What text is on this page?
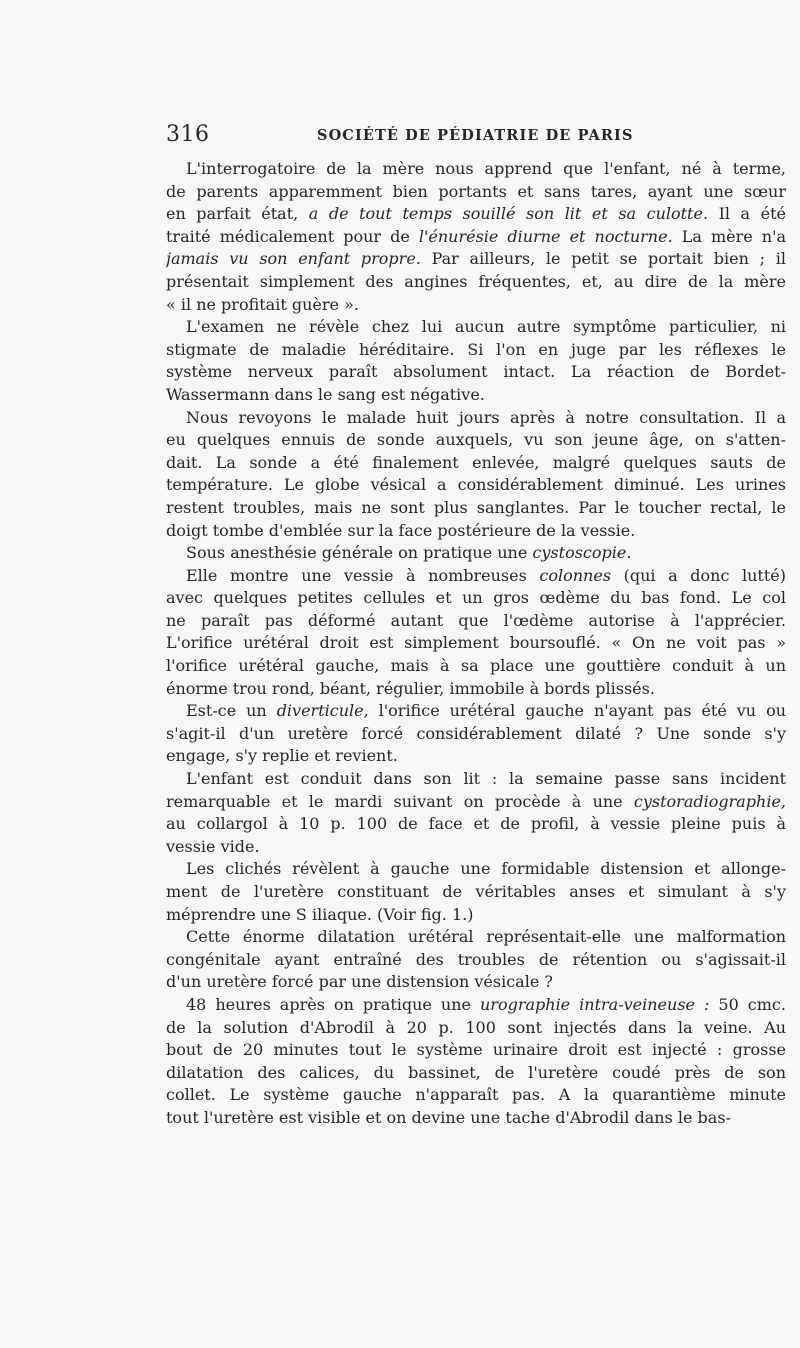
316	SOCIÉTÉ DE PÉDIATRIE DE PARIS
L'interrogatoire de la mère nous apprend que l'enfant, né à terme,
de parents apparemment bien portants et sans tares, ayant une sœur
en parfait état, a de tout temps souillé son lit et sa culotte. Il a été
traité médicalement pour de l'énurésie diurne et nocturne. La mère n'a
jamais vu son enfant propre. Par ailleurs, le petit se portait bien ; il
présentait simplement des angines fréquentes, et, au dire de la mère
« il ne profitait guère ».
L'examen ne révèle chez lui aucun autre symptôme particulier, ni
stigmate de maladie héréditaire. Si l'on en juge par les réflexes le
système nerveux paraît absolument intact. La réaction de Bordet-
Wassermann dans le sang est négative.
Nous revoyons le malade huit jours après à notre consultation. Il a
eu quelques ennuis de sonde auxquels, vu son jeune âge, on s'atten-
dait. La sonde a été finalement enlevée, malgré quelques sauts de
température. Le globe vésical a considérablement diminué. Les urines
restent troubles, mais ne sont plus sanglantes. Par le toucher rectal, le
doigt tombe d'emblée sur la face postérieure de la vessie.
Sous anesthésie générale on pratique une cystoscopie.
Elle montre une vessie à nombreuses colonnes (qui a donc lutté)
avec quelques petites cellules et un gros œdème du bas fond. Le col
ne paraît pas déformé autant que l'œdème autorise à l'apprécier.
L'orifice urétéral droit est simplement boursouflé. « On ne voit pas »
l'orifice urétéral gauche, mais à sa place une gouttière conduit à un
énorme trou rond, béant, régulier, immobile à bords plissés.
Est-ce un diverticule, l'orifice urétéral gauche n'ayant pas été vu ou
s'agit-il d'un uretère forcé considérablement dilaté ? Une sonde s'y
engage, s'y replie et revient.
L'enfant est conduit dans son lit : la semaine passe sans incident
remarquable et le mardi suivant on procède à une cystoradiographie,
au collargol à 10 p. 100 de face et de profil, à vessie pleine puis à
vessie vide.
Les clichés révèlent à gauche une formidable distension et allonge-
ment de l'uretère constituant de véritables anses et simulant à s'y
méprendre une S iliaque. (Voir fig. 1.)
Cette énorme dilatation urétéral représentait-elle une malformation
congénitale ayant entraîné des troubles de rétention ou s'agissait-il
d'un uretère forcé par une distension vésicale ?
48 heures après on pratique une urographie intra-veineuse : 50 cmc.
de la solution d'Abrodil à 20 p. 100 sont injectés dans la veine. Au
bout de 20 minutes tout le système urinaire droit est injecté : grosse
dilatation des calices, du bassinet, de l'uretère coudé près de son
collet. Le système gauche n'apparaît pas. A la quarantième minute
tout l'uretère est visible et on devine une tache d'Abrodil dans le bas-
